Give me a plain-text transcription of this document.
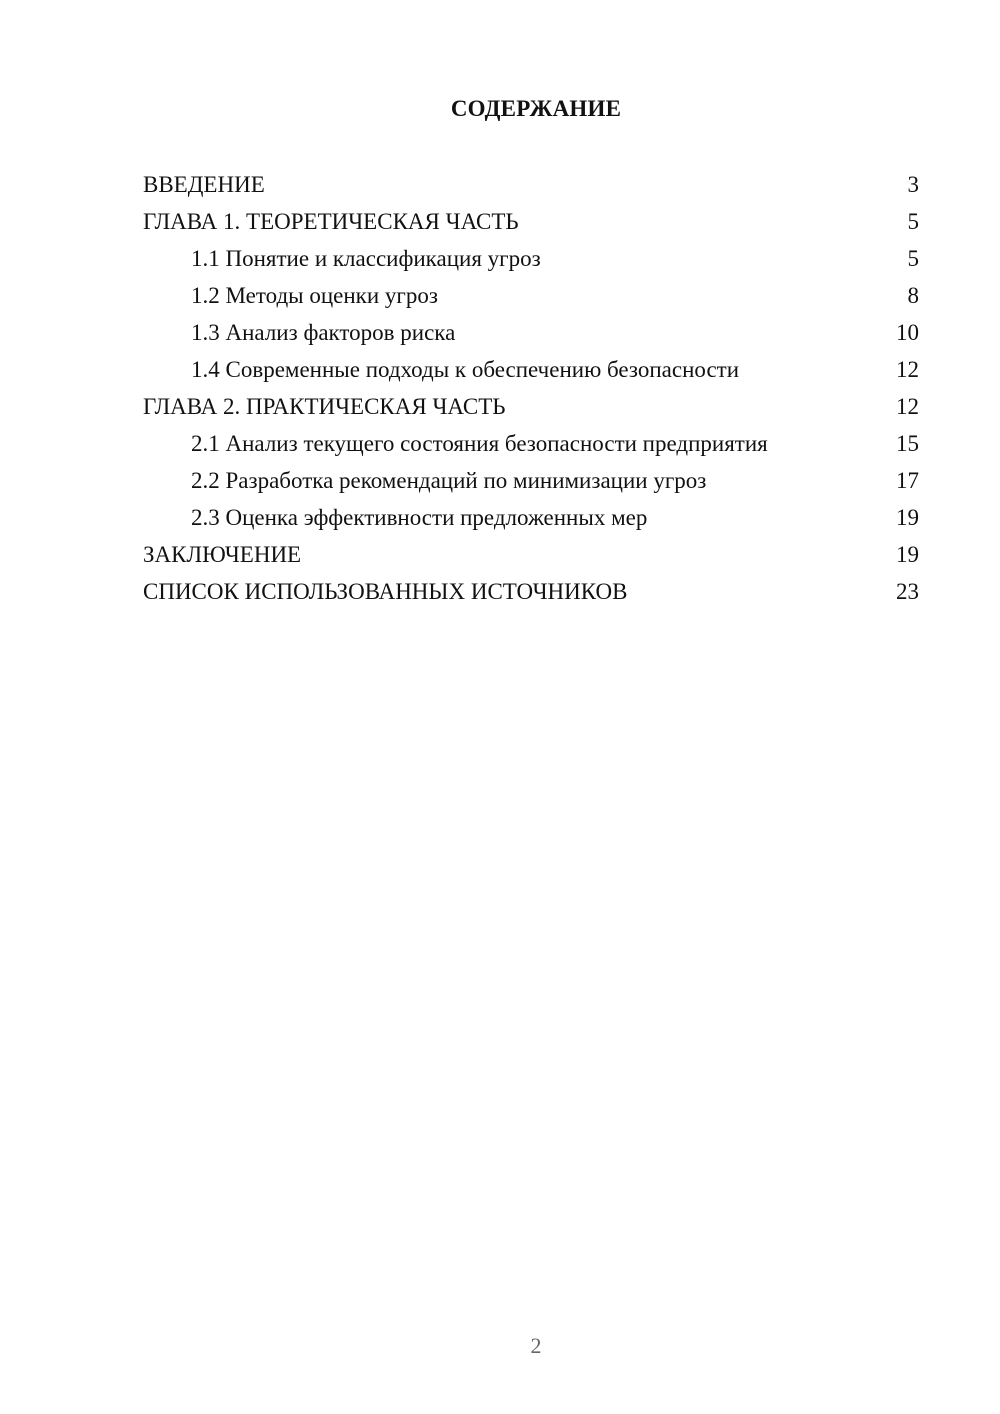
СОДЕРЖАНИЕ
ВВЕДЕНИЕ	3
ГЛАВА 1. ТЕОРЕТИЧЕСКАЯ ЧАСТЬ	5
1.1 Понятие и классификация угроз	5
1.2 Методы оценки угроз	8
1.3 Анализ факторов риска	10
1.4 Современные подходы к обеспечению безопасности	12
ГЛАВА 2. ПРАКТИЧЕСКАЯ ЧАСТЬ	12
2.1 Анализ текущего состояния безопасности предприятия	15
2.2 Разработка рекомендаций по минимизации угроз	17
2.3 Оценка эффективности предложенных мер	19
ЗАКЛЮЧЕНИЕ	19
СПИСОК ИСПОЛЬЗОВАННЫХ ИСТОЧНИКОВ	23
2
